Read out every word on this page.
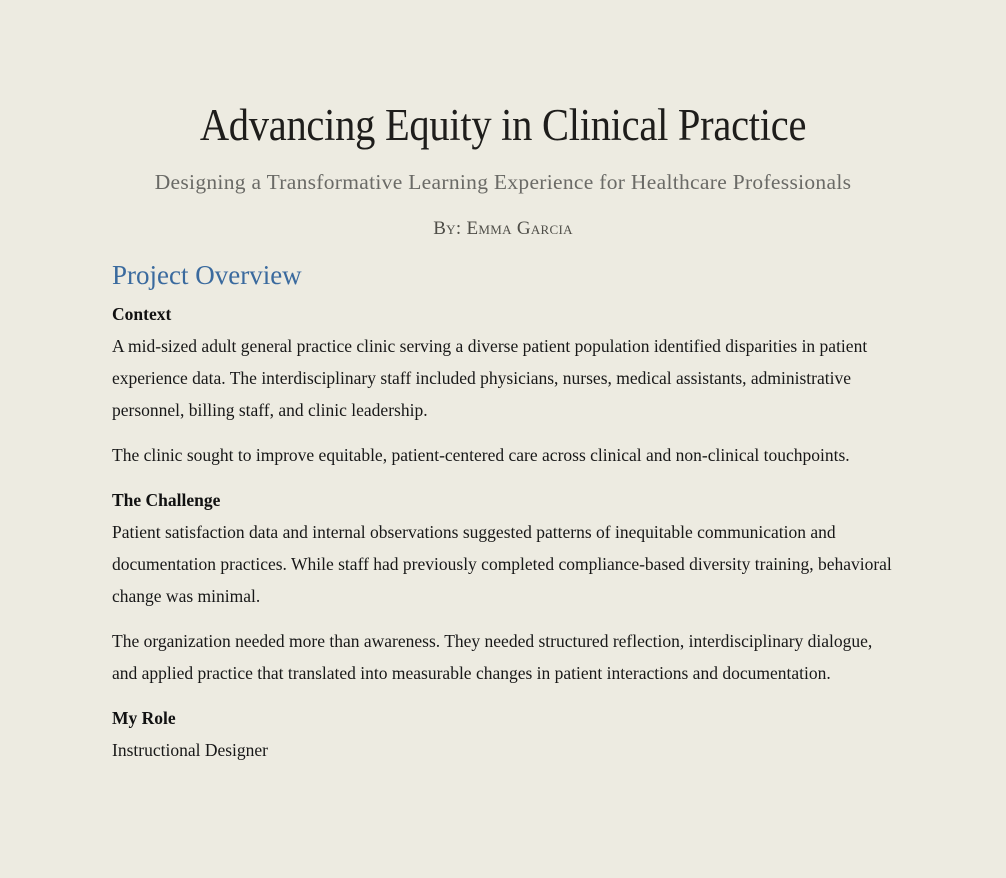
Advancing Equity in Clinical Practice
Designing a Transformative Learning Experience for Healthcare Professionals
By: Emma Garcia
Project Overview

Context

A mid-sized adult general practice clinic serving a diverse patient population identified disparities in patient experience data. The interdisciplinary staff included physicians, nurses, medical assistants, administrative personnel, billing staff, and clinic leadership.

The clinic sought to improve equitable, patient-centered care across clinical and non-clinical touchpoints.

The Challenge

Patient satisfaction data and internal observations suggested patterns of inequitable communication and documentation practices. While staff had previously completed compliance-based diversity training, behavioral change was minimal.

The organization needed more than awareness. They needed structured reflection, interdisciplinary dialogue, and applied practice that translated into measurable changes in patient interactions and documentation.

My Role

Instructional Designer
